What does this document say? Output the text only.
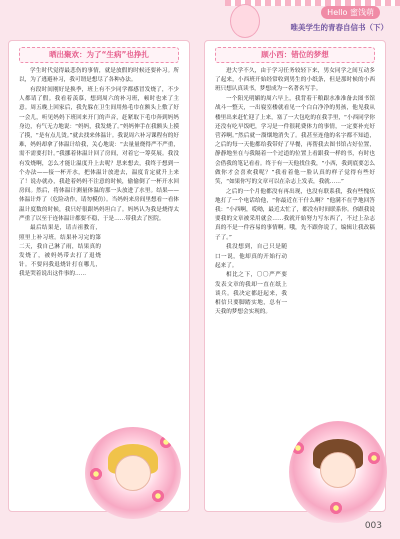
Hello 蜜饯萌
唯美学生的青春自信书（下）
晒出聚欢：为了“生病”也挣扎

学生时代觉得最悲伤的事情，就是放假的时候还要补习。所以，为了逃避补习，我可谓是想尽了各种办法。

有段时间刚好是换季，班上有不少同学都感冒发烧了，不少人都请了假。我看着羡慕，想到周六的补习班，顿时也来了主意。周五晚上回家后，我先躲在卫生间用热毛巾在额头上敷了好一会儿，听见妈妈下班回来开门的声音，赶紧取下毛巾奔到妈妈身边，有气无力地说：“妈妈，我发烧了。”妈妈伸手在我额头上摸了摸，“是有点儿烫。”就去找来体温计。我说周六补习课程有的好难，妈妈却拿了体温计给我，关心地说：“去量量烧得严不严重，需不需要打针。”我挪着体温计回了房间，对着它一筹莫展。我没有发烧啊，怎么才能让温度升上去呢？思来想去，我终于想到一个办法——接一杯开水，把体温计放进去，温度肯定就升上来了！说办就办，我趁着妈妈不注意的时候，偷偷倒了一杯开水回房间。然后，将体温计测量体温的那一头放进了水里。结果——体温计炸了（危险动作，请勿模仿）。当妈妈来房间里想看一看体温计度数的时候，我只好很跟妈妈坦白了。妈妈认为我是烧得太严重了以至于连体温计都要不稳，于是……带我去了医院。

最后结果是，请吉祖教育，照里上补习班。结果补习完的第二天，我自己淋了雨，结果真的发烧了，被妈妈带去打了退烧针。不要问我退烧针打在哪儿，我是哭着说出这件事的……

顾小西：错位的梦想

进大学不久，由于学习任务较轻下来，男女同学之间互动多了起来，小西班开始经常收到男生的小纸条，但是那时候的小西班只想认真读书，梦想成为一名著名写手。

一个阳光明媚的周六早上，我背着干粮跟水准准备去图书馆战斗一整天，一出寝室楼就看见一个白白净净的男孩，他见我从楼里出来赶忙迎了上来，塞了一大包吃的在我手里，“小西同学你还没有吃早饭吧，学习是一件很耗费体力的事情，一定要补充好营养啊。”然后就一溜烟地消失了。我甚至连他的名字都不知道，之后的每一天他都给我带好了早餐，再帮我去图书馆占好位置，静静地坐在与我隔着一个过道的位置上看跟我一样的书，有时也会借我的笔记看看。终于有一天他找住我，“小西，我到底要怎么做你才会喜欢我呢？”我看着他一脸认真的样子觉得有些好笑，“如果你写的文章可以在杂志上发表，我就……”

之后的一个月他都没有再出现，也没有联系我，我有些愧疚地打了一个电话给他，“你最近在干什么啊？”他满不在乎地回答我：“小西啊，哎呦，最近太忙了，都没有时间联系你。你跟我说要我的文章被采用就会……我就开始努力写东西了，不过上杂志真的不是一件容易的事情啊。哦，先不跟你说了，编辑让我改稿子了。”

我没想到，自己只是随口一说，他却真的开始行动起来了。

相比之下，〇〇严严要发表文章的我却一直在纸上谈兵。我决定都赶起来，我相信只要脚踏实地，总有一天我的梦想会实现的。

003
